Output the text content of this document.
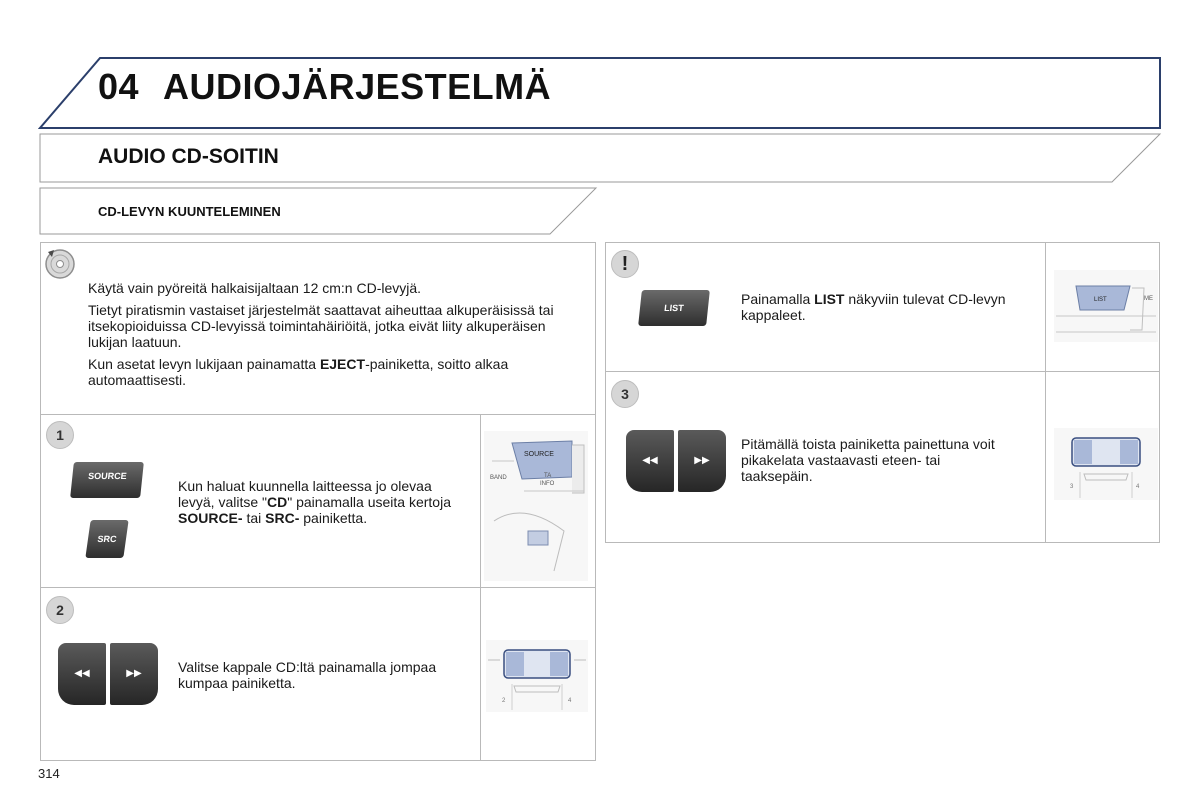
04 AUDIOJÄRJESTELMÄ
AUDIO CD-SOITIN
CD-LEVYN KUUNTELEMINEN

Käytä vain pyöreitä halkaisijaltaan 12 cm:n CD-levyjä.

Tietyt piratismin vastaiset järjestelmät saattavat aiheuttaa alkuperäisissä tai itsekopioiduissa CD-levyissä toimintahäiriöitä, jotka eivät liity alkuperäisen lukijan laatuun.

Kun asetat levyn lukijaan painamatta EJECT-painiketta, soitto alkaa automaattisesti.

1
SOURCE
SRC
Kun haluat kuunnella laitteessa jo olevaa levyä, valitse "CD" painamalla useita kertoja SOURCE- tai SRC- painiketta.
SOURCE
TA
INFO
BAND
2
◀◀	▶▶	Valitse kappale CD:ltä painamalla jompaa kumpaa painiketta.
2	4
!
LIST
Painamalla LIST näkyviin tulevat CD-levyn kappaleet.
LIST	ME
3
◀◀	▶▶
Pitämällä toista painiketta painettuna voit pikakelata vastaavasti eteen- tai taaksepäin.
3	4
314
